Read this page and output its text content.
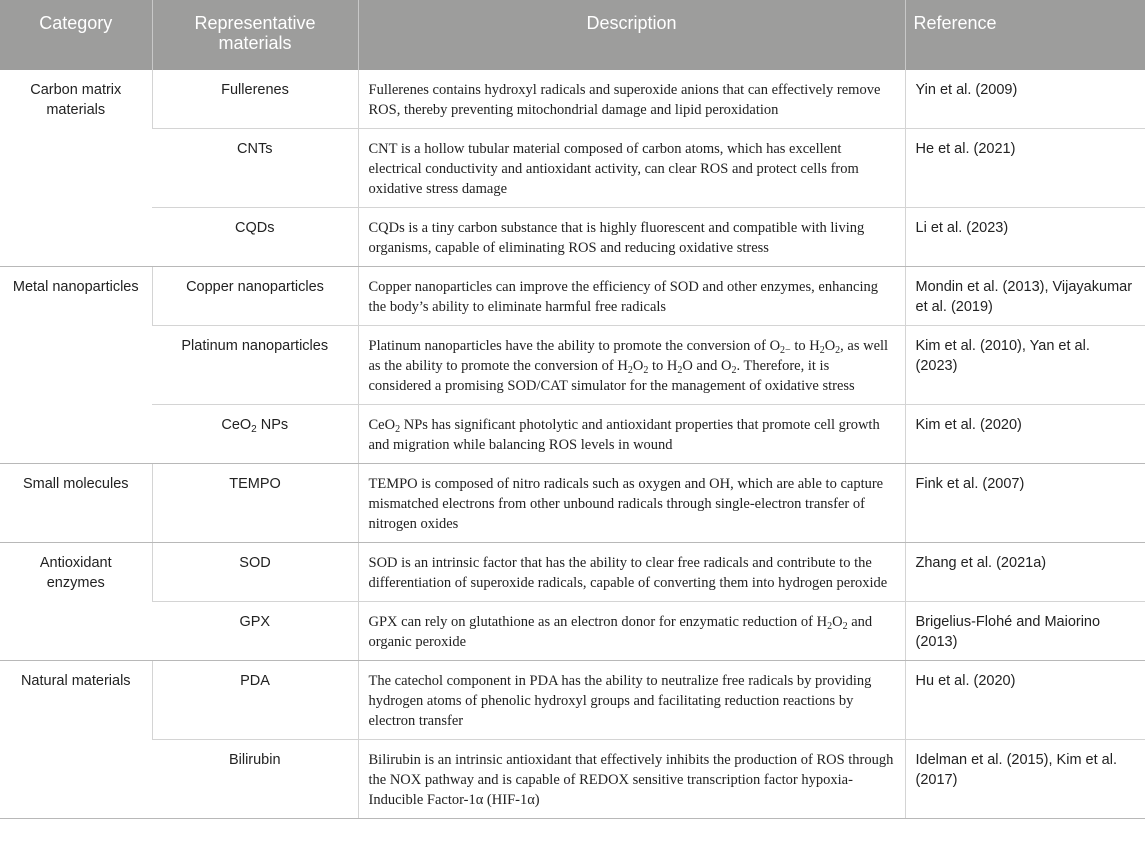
Category	Representative materials	Description	Reference
Carbon matrix materials	Fullerenes	Fullerenes contains hydroxyl radicals and superoxide anions that can effectively remove ROS, thereby preventing mitochondrial damage and lipid peroxidation	Yin et al. (2009)
	CNTs	CNT is a hollow tubular material composed of carbon atoms, which has excellent electrical conductivity and antioxidant activity, can clear ROS and protect cells from oxidative stress damage	He et al. (2021)
	CQDs	CQDs is a tiny carbon substance that is highly fluorescent and compatible with living organisms, capable of eliminating ROS and reducing oxidative stress	Li et al. (2023)
Metal nanoparticles	Copper nanoparticles	Copper nanoparticles can improve the efficiency of SOD and other enzymes, enhancing the body’s ability to eliminate harmful free radicals	Mondin et al. (2013), Vijayakumar et al. (2019)
	Platinum nanoparticles	Platinum nanoparticles have the ability to promote the conversion of $O_{2-}$ to $H_2O_2$, as well as the ability to promote the conversion of $H_2O_2$ to $H_2O$ and $O_2$. Therefore, it is considered a promising SOD/CAT simulator for the management of oxidative stress	Kim et al. (2010), Yan et al. (2023)
	CeO$_2$ NPs	CeO$_2$ NPs has significant photolytic and antioxidant properties that promote cell growth and migration while balancing ROS levels in wound	Kim et al. (2020)
Small molecules	TEMPO	TEMPO is composed of nitro radicals such as oxygen and OH, which are able to capture mismatched electrons from other unbound radicals through single-electron transfer of nitrogen oxides	Fink et al. (2007)
Antioxidant enzymes	SOD	SOD is an intrinsic factor that has the ability to clear free radicals and contribute to the differentiation of superoxide radicals, capable of converting them into hydrogen peroxide	Zhang et al. (2021a)
	GPX	GPX can rely on glutathione as an electron donor for enzymatic reduction of $H_2O_2$ and organic peroxide	Brigelius-Flohé and Maiorino (2013)
Natural materials	PDA	The catechol component in PDA has the ability to neutralize free radicals by providing hydrogen atoms of phenolic hydroxyl groups and facilitating reduction reactions by electron transfer	Hu et al. (2020)
	Bilirubin	Bilirubin is an intrinsic antioxidant that effectively inhibits the production of ROS through the NOX pathway and is capable of REDOX sensitive transcription factor hypoxia-Inducible Factor-1α (HIF-1α)	Idelman et al. (2015), Kim et al. (2017)
